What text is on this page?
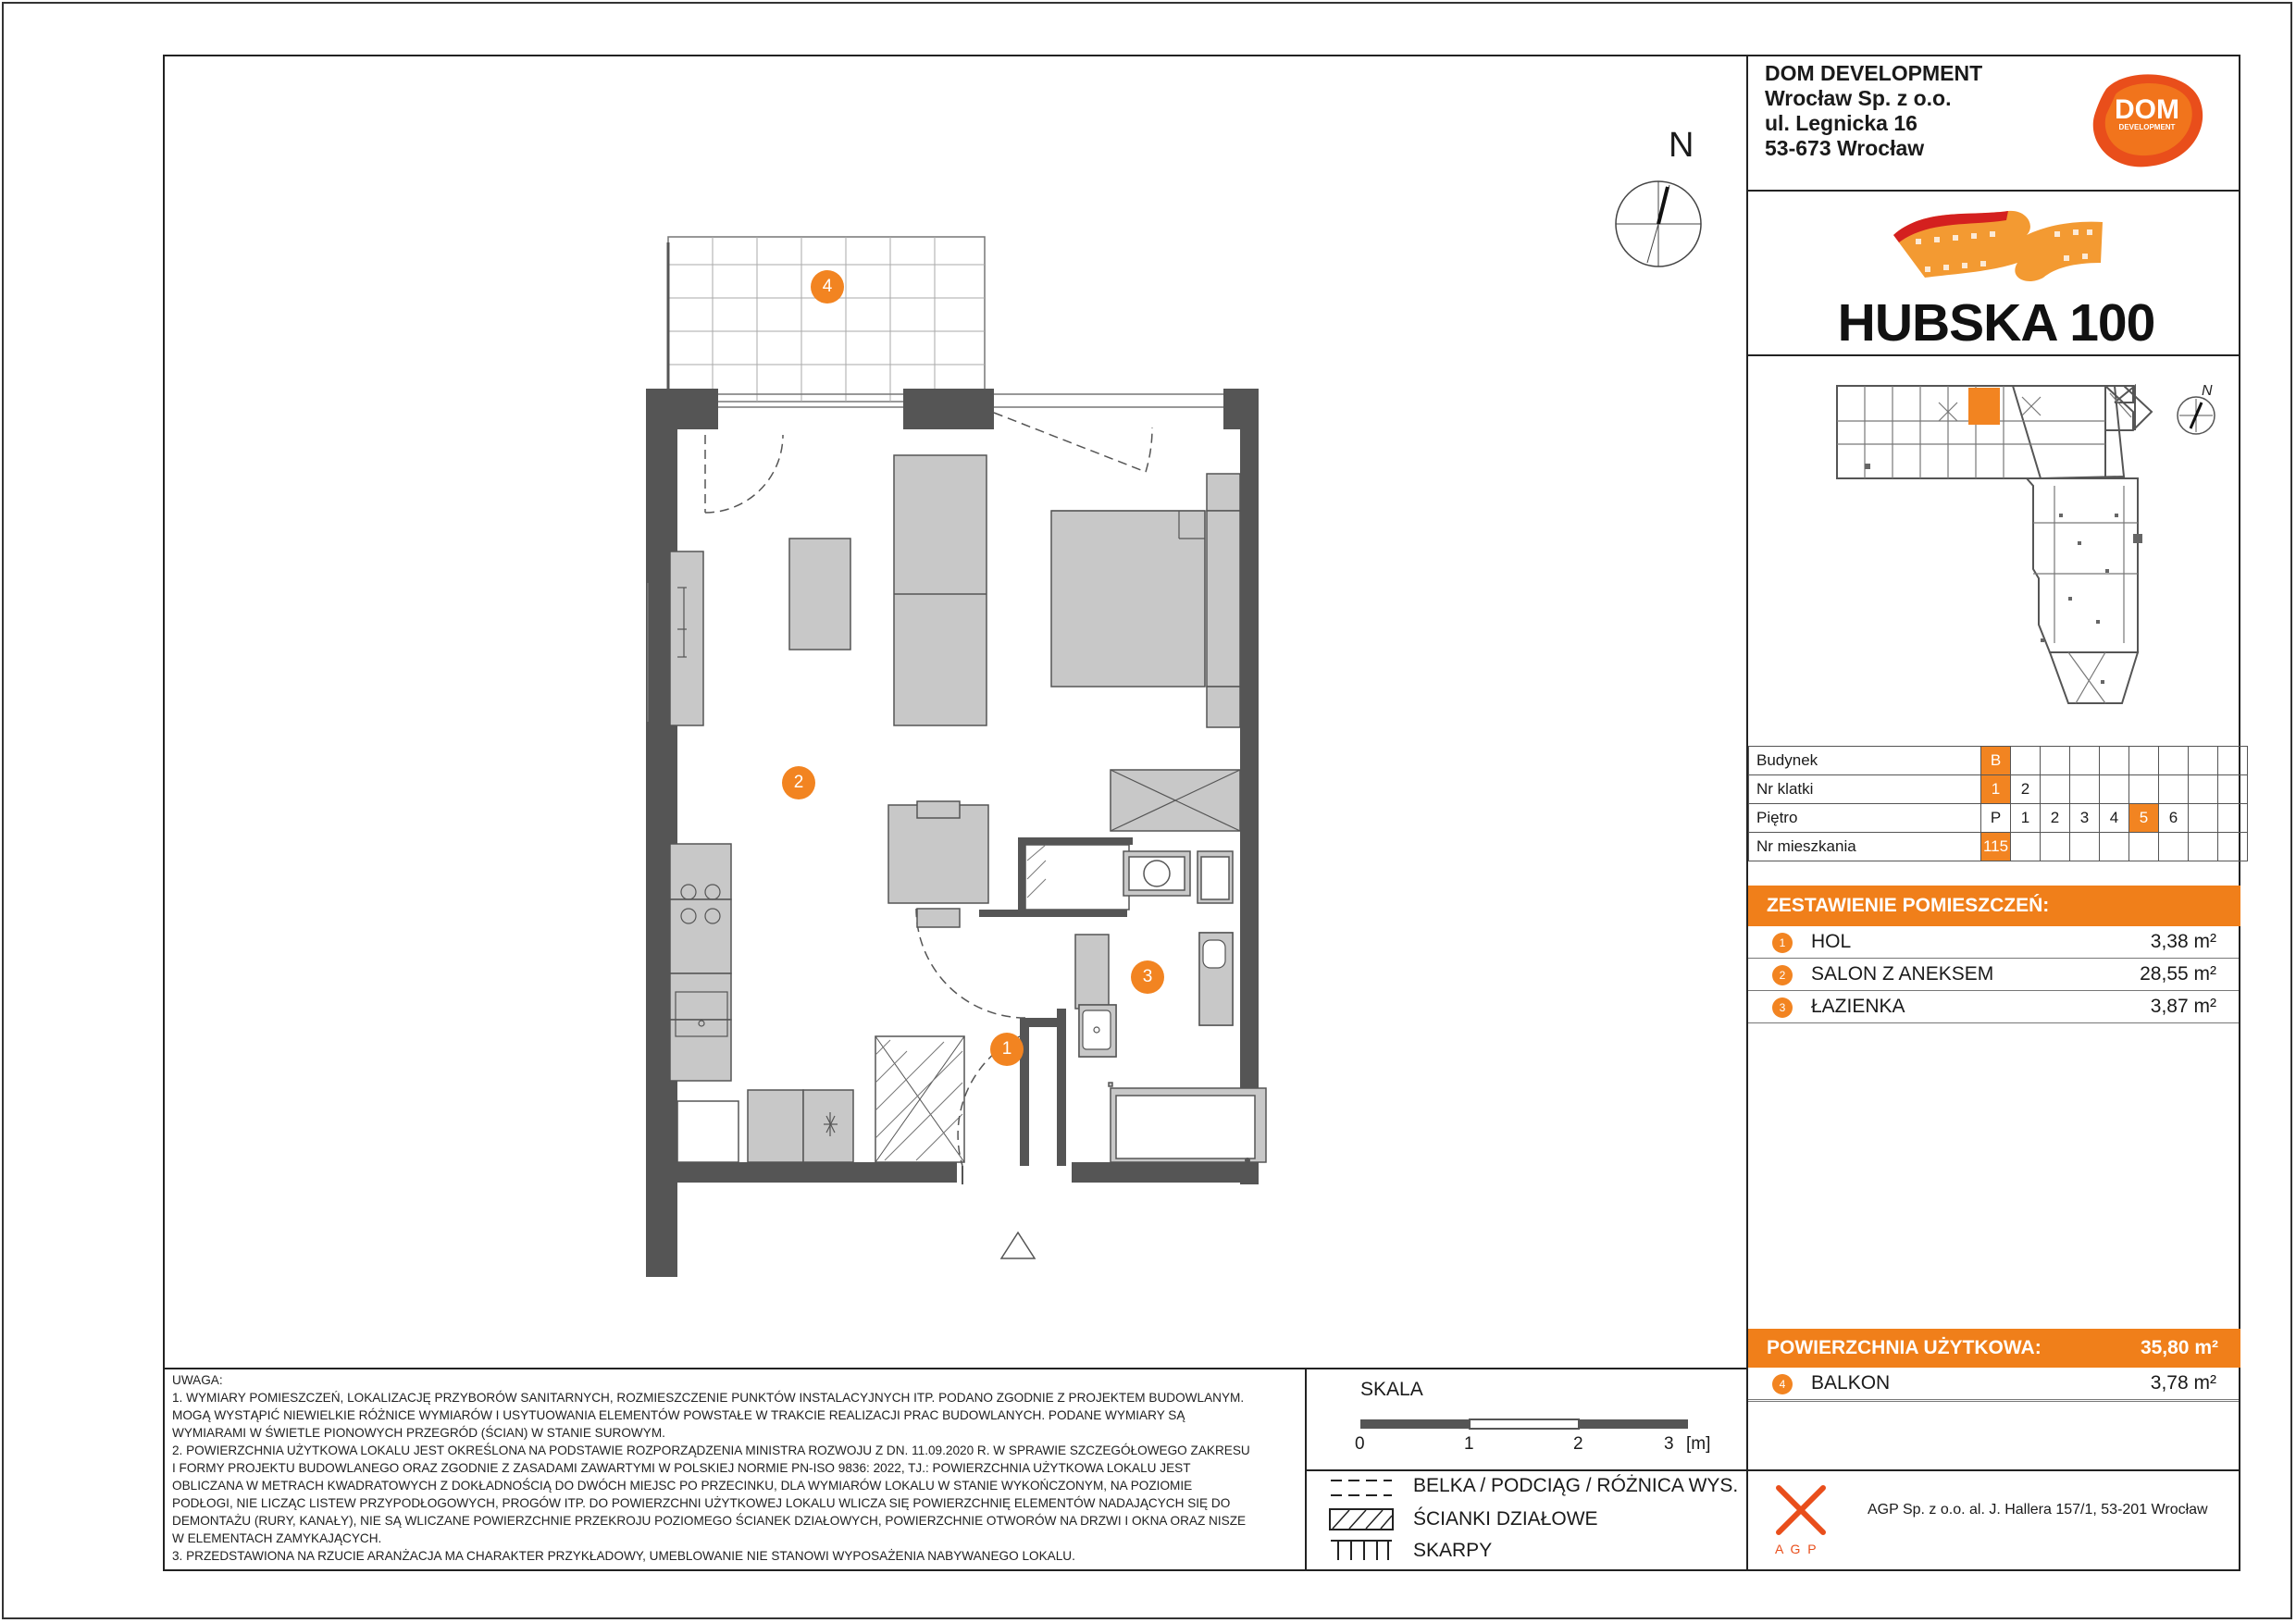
DOM DEVELOPMENT
Wrocław Sp. z o.o.
ul. Legnicka 16
53-673 Wrocław
DOM
DEVELOPMENT
HUBSKA 100
N
Budynek	B								
Nr klatki	1	2							
Piętro	P	1	2	3	4	5	6		
Nr mieszkania	115								
ZESTAWIENIE POMIESZCZEŃ:
1	HOL	3,38 m²
2	SALON Z ANEKSEM	28,55 m²
3	ŁAZIENKA	3,87 m²
POWIERZCHNIA UŻYTKOWA:	35,80 m²
4	BALKON	3,78 m²
UWAGA:
1. WYMIARY POMIESZCZEŃ, LOKALIZACJĘ PRZYBORÓW SANITARNYCH, ROZMIESZCZENIE PUNKTÓW INSTALACYJNYCH ITP. PODANO ZGODNIE Z PROJEKTEM BUDOWLANYM.
MOGĄ WYSTĄPIĆ NIEWIELKIE RÓŻNICE WYMIARÓW I USYTUOWANIA ELEMENTÓW POWSTAŁE W TRAKCIE REALIZACJI PRAC BUDOWLANYCH. PODANE WYMIARY SĄ
WYMIARAMI W ŚWIETLE PIONOWYCH PRZEGRÓD (ŚCIAN) W STANIE SUROWYM.
2. POWIERZCHNIA UŻYTKOWA LOKALU JEST OKREŚLONA NA PODSTAWIE ROZPORZĄDZENIA MINISTRA ROZWOJU Z DN. 11.09.2020 R. W SPRAWIE SZCZEGÓŁOWEGO ZAKRESU
I FORMY PROJEKTU BUDOWLANEGO ORAZ ZGODNIE Z ZASADAMI ZAWARTYMI W POLSKIEJ NORMIE PN-ISO 9836: 2022, TJ.: POWIERZCHNIA UŻYTKOWA LOKALU JEST
OBLICZANA W METRACH KWADRATOWYCH Z DOKŁADNOŚCIĄ DO DWÓCH MIEJSC PO PRZECINKU, DLA WYMIARÓW LOKALU W STANIE WYKOŃCZONYM, NA POZIOMIE
PODŁOGI, NIE LICZĄC LISTEW PRZYPODŁOGOWYCH, PROGÓW ITP. DO POWIERZCHNI UŻYTKOWEJ LOKALU WLICZA SIĘ POWIERZCHNIĘ ELEMENTÓW NADAJĄCYCH SIĘ DO
DEMONTAŻU (RURY, KANAŁY), NIE SĄ WLICZANE POWIERZCHNIE PRZEKROJU POZIOMEGO ŚCIANEK DZIAŁOWYCH, POWIERZCHNIE OTWORÓW NA DRZWI I OKNA ORAZ NISZE
W ELEMENTACH ZAMYKAJĄCYCH.
3. PRZEDSTAWIONA NA RZUCIE ARANŻACJA MA CHARAKTER PRZYKŁADOWY, UMEBLOWANIE NIE STANOWI WYPOSAŻENIA NABYWANEGO LOKALU.
SKALA
0	1	2	3 [m]
BELKA / PODCIĄG / RÓŻNICA WYS.
ŚCIANKI DZIAŁOWE
SKARPY	A G P
AGP Sp. z o.o. al. J. Hallera 157/1, 53-201 Wrocław
N
4
2
3
1
